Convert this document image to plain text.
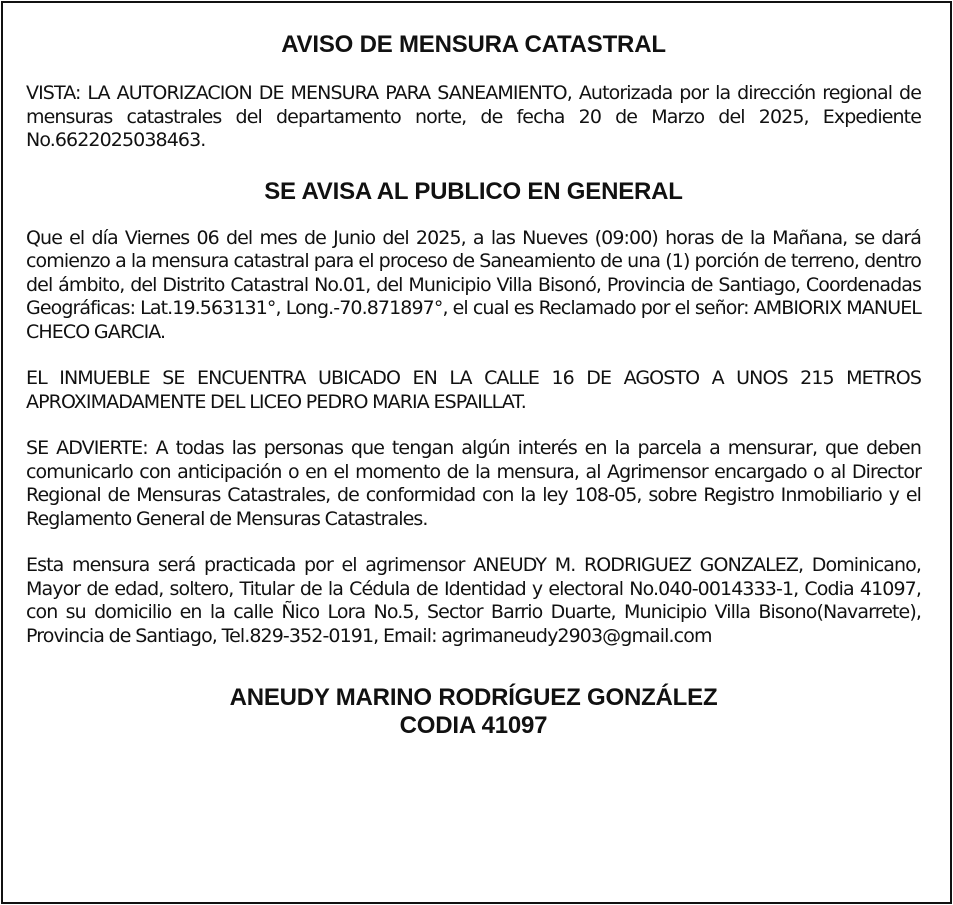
AVISO DE MENSURA CATASTRAL

VISTA: LA AUTORIZACION DE MENSURA PARA SANEAMIENTO, Autorizada por la dirección regional de mensuras catastrales del departamento norte, de fecha 20 de Marzo del 2025, Expediente No.6622025038463.

SE AVISA AL PUBLICO EN GENERAL

Que el día Viernes 06 del mes de Junio del 2025, a las Nueves (09:00) horas de la Mañana, se dará comienzo a la mensura catastral para el proceso de Saneamiento de una (1) porción de terreno, dentro del ámbito, del Distrito Catastral No.01, del Municipio Villa Bisonó, Provincia de Santiago, Coordenadas Geográficas: Lat.19.563131°, Long.-70.871897°, el cual es Reclamado por el señor: AMBIORIX MANUEL CHECO GARCIA.

EL INMUEBLE SE ENCUENTRA UBICADO EN LA CALLE 16 DE AGOSTO A UNOS 215 METROS APROXIMADAMENTE DEL LICEO PEDRO MARIA ESPAILLAT.

SE ADVIERTE: A todas las personas que tengan algún interés en la parcela a mensurar, que deben comunicarlo con anticipación o en el momento de la mensura, al Agrimensor encargado o al Director Regional de Mensuras Catastrales, de conformidad con la ley 108-05, sobre Registro Inmobiliario y el Reglamento General de Mensuras Catastrales.

Esta mensura será practicada por el agrimensor ANEUDY M. RODRIGUEZ GONZALEZ, Dominicano, Mayor de edad, soltero, Titular de la Cédula de Identidad y electoral No.040-0014333-1, Codia 41097, con su domicilio en la calle Ñico Lora No.5, Sector Barrio Duarte, Municipio Villa Bisono(Navarrete), Provincia de Santiago, Tel.829-352-0191, Email: agrimaneudy2903@gmail.com

ANEUDY MARINO RODRÍGUEZ GONZÁLEZ
CODIA 41097
